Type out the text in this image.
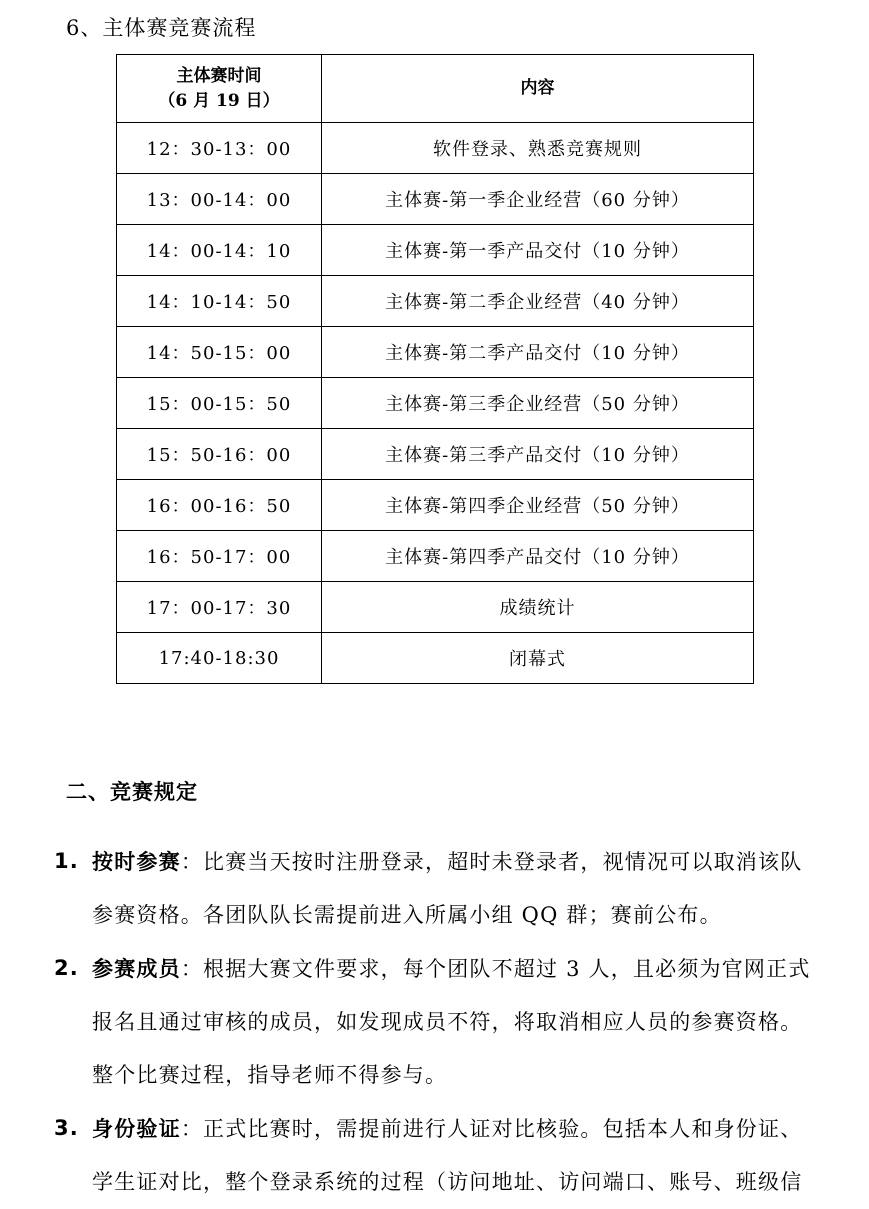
6、主体赛竞赛流程
主体赛时间
（6 月 19 日）	内容
12：30-13：00	软件登录、熟悉竞赛规则
13：00-14：00	主体赛-第一季企业经营（60 分钟）
14：00-14：10	主体赛-第一季产品交付（10 分钟）
14：10-14：50	主体赛-第二季企业经营（40 分钟）
14：50-15：00	主体赛-第二季产品交付（10 分钟）
15：00-15：50	主体赛-第三季企业经营（50 分钟）
15：50-16：00	主体赛-第三季产品交付（10 分钟）
16：00-16：50	主体赛-第四季企业经营（50 分钟）
16：50-17：00	主体赛-第四季产品交付（10 分钟）
17：00-17：30	成绩统计
17:40-18:30	闭幕式
二、竞赛规定
1. 按时参赛：比赛当天按时注册登录，超时未登录者，视情况可以取消该队
参赛资格。各团队队长需提前进入所属小组 QQ 群；赛前公布。
2. 参赛成员：根据大赛文件要求，每个团队不超过 3 人，且必须为官网正式
报名且通过审核的成员，如发现成员不符，将取消相应人员的参赛资格。
整个比赛过程，指导老师不得参与。
3. 身份验证：正式比赛时，需提前进行人证对比核验。包括本人和身份证、
学生证对比，整个登录系统的过程（访问地址、访问端口、账号、班级信
